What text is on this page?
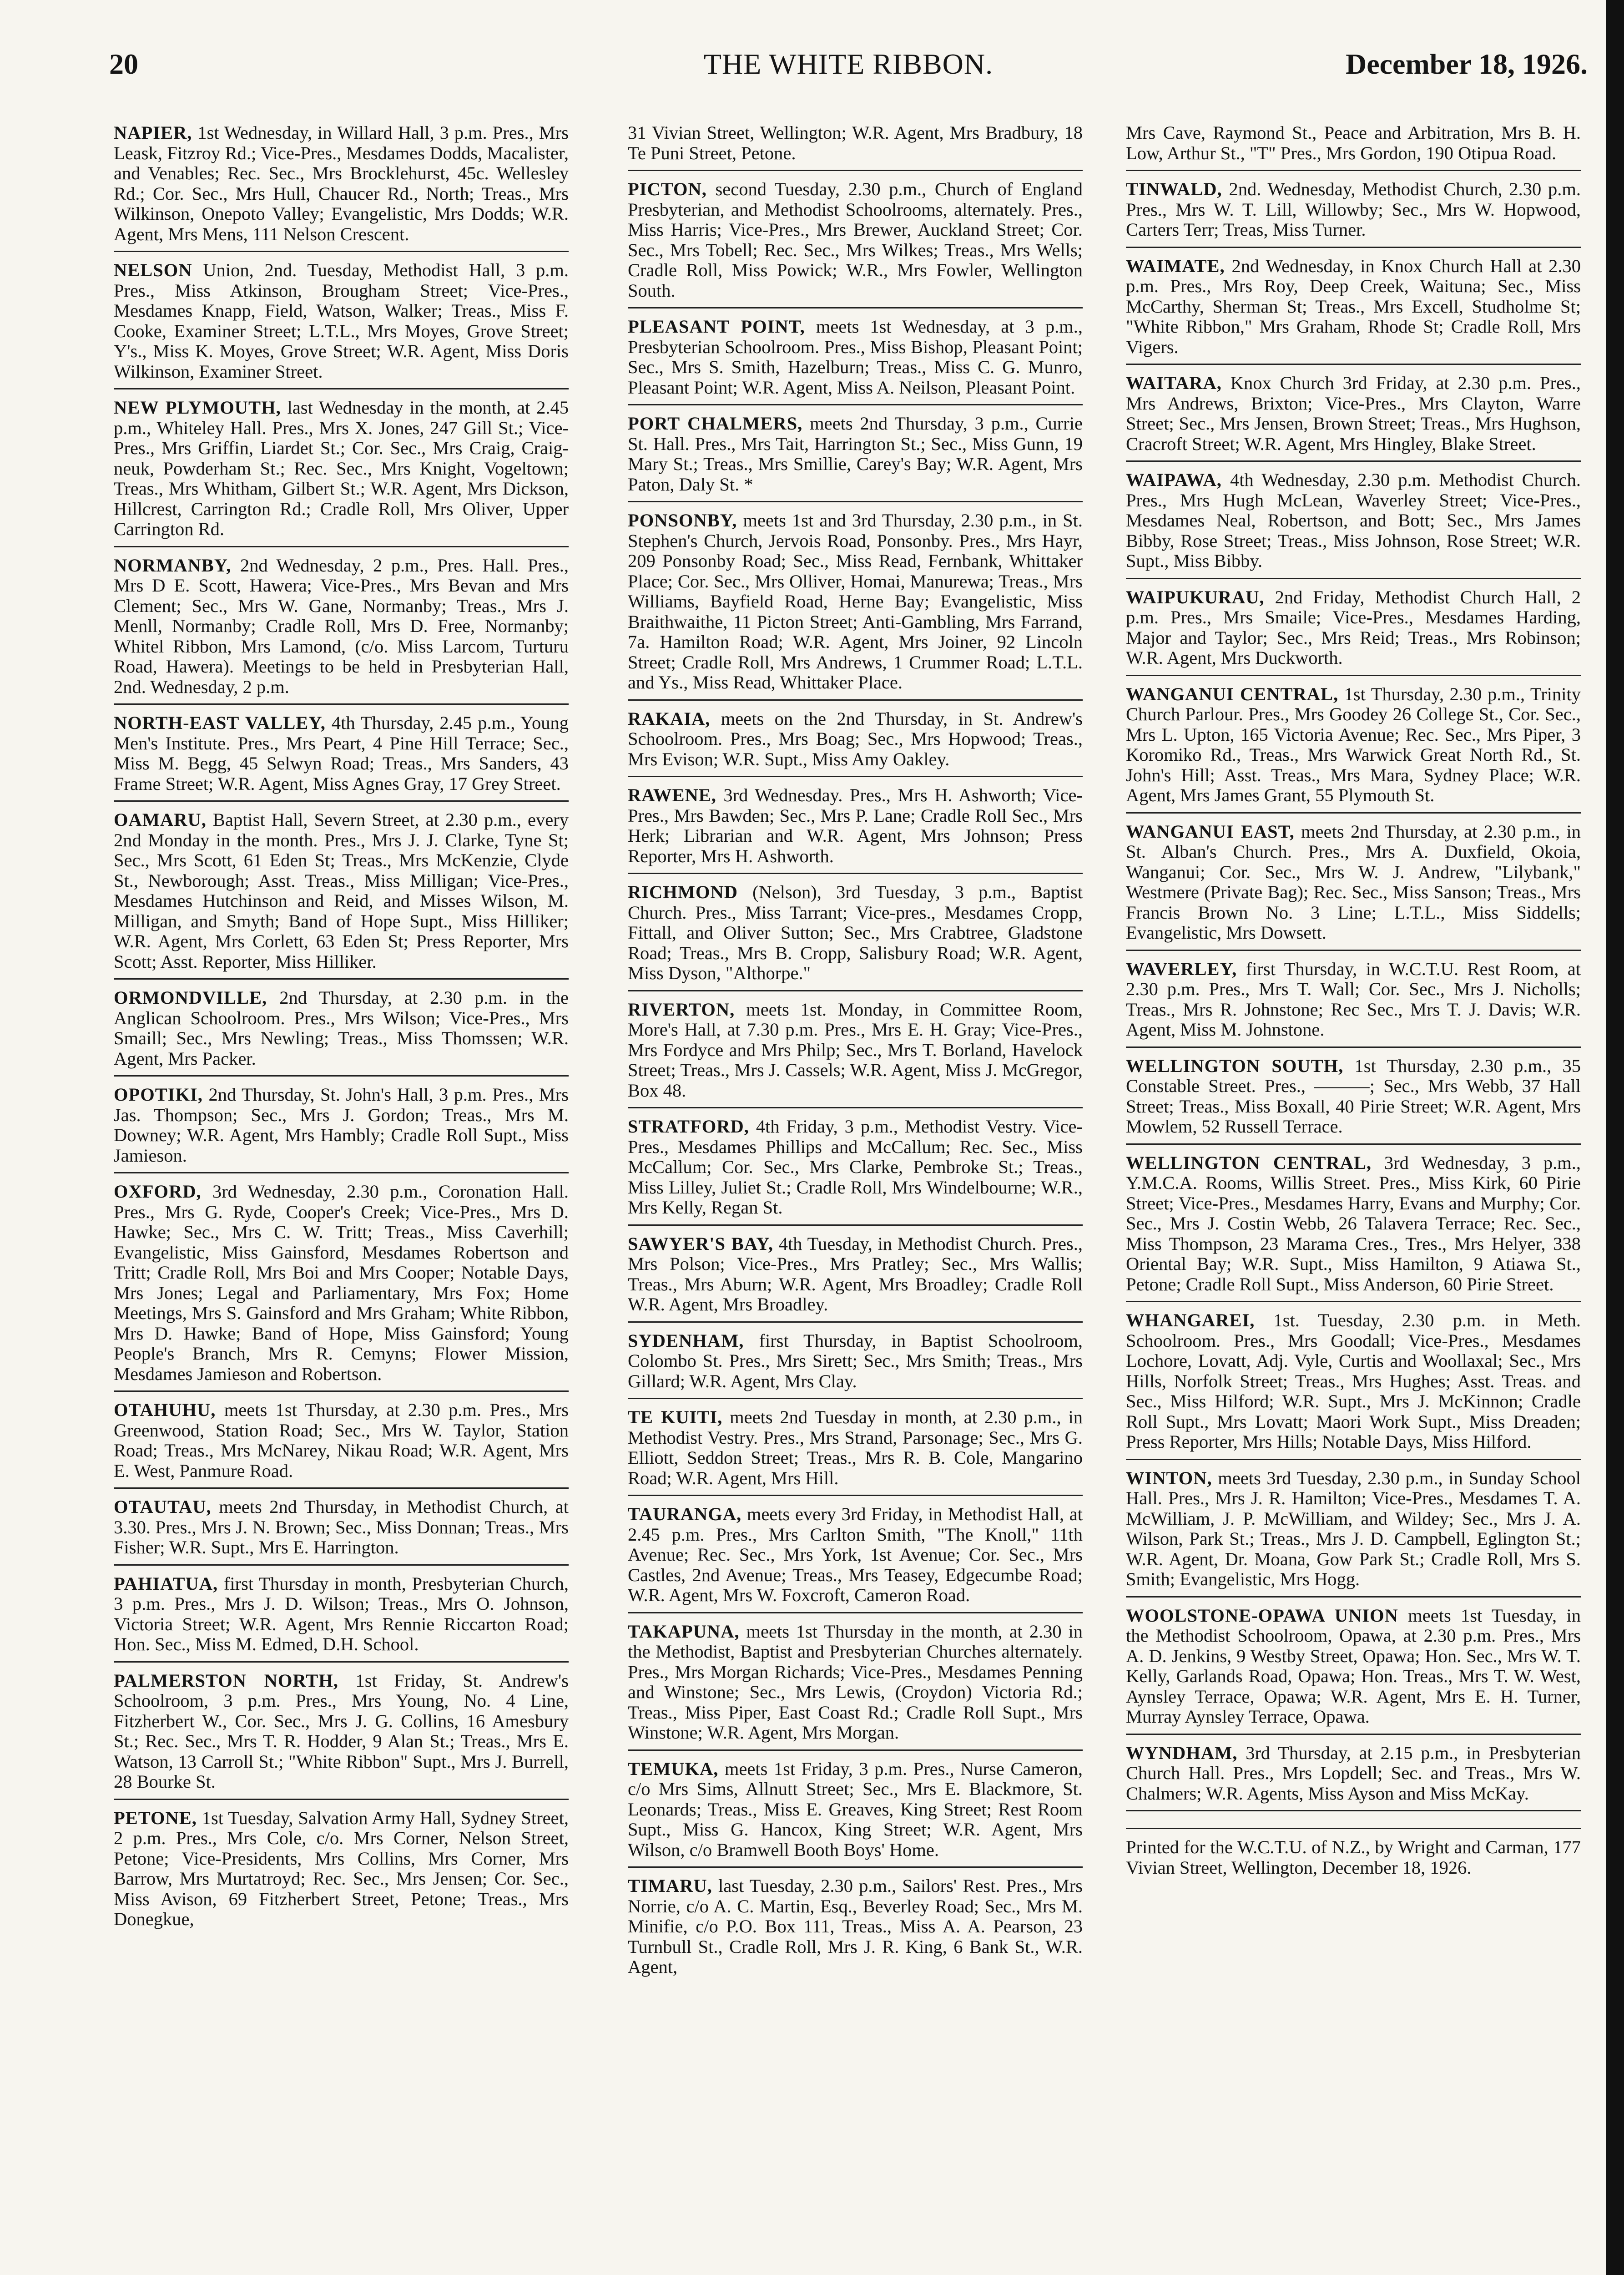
20	THE WHITE RIBBON.	December 18, 1926.

NAPIER, 1st Wednesday, in Willard Hall, 3 p.m. Pres., Mrs Leask, Fitzroy Rd.; Vice-Pres., Mesdames Dodds, Macalister, and Venables; Rec. Sec., Mrs Brocklehurst, 45c. Wellesley Rd.; Cor. Sec., Mrs Hull, Chaucer Rd., North; Treas., Mrs Wilkinson, Onepoto Valley; Evangelistic, Mrs Dodds; W.R. Agent, Mrs Mens, 111 Nelson Crescent.

NELSON Union, 2nd. Tuesday, Methodist Hall, 3 p.m. Pres., Miss Atkinson, Brougham Street; Vice-Pres., Mesdames Knapp, Field, Watson, Walker; Treas., Miss F. Cooke, Examiner Street; L.T.L., Mrs Moyes, Grove Street; Y's., Miss K. Moyes, Grove Street; W.R. Agent, Miss Doris Wilkinson, Examiner Street.

NEW PLYMOUTH, last Wednesday in the month, at 2.45 p.m., Whiteley Hall. Pres., Mrs X. Jones, 247 Gill St.; Vice-Pres., Mrs Griffin, Liardet St.; Cor. Sec., Mrs Craig, Craig-neuk, Powderham St.; Rec. Sec., Mrs Knight, Vogeltown; Treas., Mrs Whitham, Gilbert St.; W.R. Agent, Mrs Dickson, Hillcrest, Carrington Rd.; Cradle Roll, Mrs Oliver, Upper Carrington Rd.

NORMANBY, 2nd Wednesday, 2 p.m., Pres. Hall. Pres., Mrs D E. Scott, Hawera; Vice-Pres., Mrs Bevan and Mrs Clement; Sec., Mrs W. Gane, Normanby; Treas., Mrs J. Menll, Normanby; Cradle Roll, Mrs D. Free, Normanby; Whitel Ribbon, Mrs Lamond, (c/o. Miss Larcom, Turturu Road, Hawera). Meetings to be held in Presbyterian Hall, 2nd. Wednesday, 2 p.m.

NORTH-EAST VALLEY, 4th Thursday, 2.45 p.m., Young Men's Institute. Pres., Mrs Peart, 4 Pine Hill Terrace; Sec., Miss M. Begg, 45 Selwyn Road; Treas., Mrs Sanders, 43 Frame Street; W.R. Agent, Miss Agnes Gray, 17 Grey Street.

OAMARU, Baptist Hall, Severn Street, at 2.30 p.m., every 2nd Monday in the month. Pres., Mrs J. J. Clarke, Tyne St; Sec., Mrs Scott, 61 Eden St; Treas., Mrs McKenzie, Clyde St., Newborough; Asst. Treas., Miss Milligan; Vice-Pres., Mesdames Hutchinson and Reid, and Misses Wilson, M. Milligan, and Smyth; Band of Hope Supt., Miss Hilliker; W.R. Agent, Mrs Corlett, 63 Eden St; Press Reporter, Mrs Scott; Asst. Reporter, Miss Hilliker.

ORMONDVILLE, 2nd Thursday, at 2.30 p.m. in the Anglican Schoolroom. Pres., Mrs Wilson; Vice-Pres., Mrs Smaill; Sec., Mrs Newling; Treas., Miss Thomssen; W.R. Agent, Mrs Packer.

OPOTIKI, 2nd Thursday, St. John's Hall, 3 p.m. Pres., Mrs Jas. Thompson; Sec., Mrs J. Gordon; Treas., Mrs M. Downey; W.R. Agent, Mrs Hambly; Cradle Roll Supt., Miss Jamieson.

OXFORD, 3rd Wednesday, 2.30 p.m., Coronation Hall. Pres., Mrs G. Ryde, Cooper's Creek; Vice-Pres., Mrs D. Hawke; Sec., Mrs C. W. Tritt; Treas., Miss Caverhill; Evangelistic, Miss Gainsford, Mesdames Robertson and Tritt; Cradle Roll, Mrs Boi and Mrs Cooper; Notable Days, Mrs Jones; Legal and Parliamentary, Mrs Fox; Home Meetings, Mrs S. Gainsford and Mrs Graham; White Ribbon, Mrs D. Hawke; Band of Hope, Miss Gainsford; Young People's Branch, Mrs R. Cemyns; Flower Mission, Mesdames Jamieson and Robertson.

OTAHUHU, meets 1st Thursday, at 2.30 p.m. Pres., Mrs Greenwood, Station Road; Sec., Mrs W. Taylor, Station Road; Treas., Mrs McNarey, Nikau Road; W.R. Agent, Mrs E. West, Panmure Road.

OTAUTAU, meets 2nd Thursday, in Methodist Church, at 3.30. Pres., Mrs J. N. Brown; Sec., Miss Donnan; Treas., Mrs Fisher; W.R. Supt., Mrs E. Harrington.

PAHIATUA, first Thursday in month, Presbyterian Church, 3 p.m. Pres., Mrs J. D. Wilson; Treas., Mrs O. Johnson, Victoria Street; W.R. Agent, Mrs Rennie Riccarton Road; Hon. Sec., Miss M. Edmed, D.H. School.

PALMERSTON NORTH, 1st Friday, St. Andrew's Schoolroom, 3 p.m. Pres., Mrs Young, No. 4 Line, Fitzherbert W., Cor. Sec., Mrs J. G. Collins, 16 Amesbury St.; Rec. Sec., Mrs T. R. Hodder, 9 Alan St.; Treas., Mrs E. Watson, 13 Carroll St.; "White Ribbon" Supt., Mrs J. Burrell, 28 Bourke St.

PETONE, 1st Tuesday, Salvation Army Hall, Sydney Street, 2 p.m. Pres., Mrs Cole, c/o. Mrs Corner, Nelson Street, Petone; Vice-Presidents, Mrs Collins, Mrs Corner, Mrs Barrow, Mrs Murtatroyd; Rec. Sec., Mrs Jensen; Cor. Sec., Miss Avison, 69 Fitzherbert Street, Petone; Treas., Mrs Donegkue,

31 Vivian Street, Wellington; W.R. Agent, Mrs Bradbury, 18 Te Puni Street, Petone.

PICTON, second Tuesday, 2.30 p.m., Church of England Presbyterian, and Methodist Schoolrooms, alternately. Pres., Miss Harris; Vice-Pres., Mrs Brewer, Auckland Street; Cor. Sec., Mrs Tobell; Rec. Sec., Mrs Wilkes; Treas., Mrs Wells; Cradle Roll, Miss Powick; W.R., Mrs Fowler, Wellington South.

PLEASANT POINT, meets 1st Wednesday, at 3 p.m., Presbyterian Schoolroom. Pres., Miss Bishop, Pleasant Point; Sec., Mrs S. Smith, Hazelburn; Treas., Miss C. G. Munro, Pleasant Point; W.R. Agent, Miss A. Neilson, Pleasant Point.

PORT CHALMERS, meets 2nd Thursday, 3 p.m., Currie St. Hall. Pres., Mrs Tait, Harrington St.; Sec., Miss Gunn, 19 Mary St.; Treas., Mrs Smillie, Carey's Bay; W.R. Agent, Mrs Paton, Daly St. *

PONSONBY, meets 1st and 3rd Thursday, 2.30 p.m., in St. Stephen's Church, Jervois Road, Ponsonby. Pres., Mrs Hayr, 209 Ponsonby Road; Sec., Miss Read, Fernbank, Whittaker Place; Cor. Sec., Mrs Olliver, Homai, Manurewa; Treas., Mrs Williams, Bayfield Road, Herne Bay; Evangelistic, Miss Braithwaithe, 11 Picton Street; Anti-Gambling, Mrs Farrand, 7a. Hamilton Road; W.R. Agent, Mrs Joiner, 92 Lincoln Street; Cradle Roll, Mrs Andrews, 1 Crummer Road; L.T.L. and Ys., Miss Read, Whittaker Place.

RAKAIA, meets on the 2nd Thursday, in St. Andrew's Schoolroom. Pres., Mrs Boag; Sec., Mrs Hopwood; Treas., Mrs Evison; W.R. Supt., Miss Amy Oakley.

RAWENE, 3rd Wednesday. Pres., Mrs H. Ashworth; Vice-Pres., Mrs Bawden; Sec., Mrs P. Lane; Cradle Roll Sec., Mrs Herk; Librarian and W.R. Agent, Mrs Johnson; Press Reporter, Mrs H. Ashworth.

RICHMOND (Nelson), 3rd Tuesday, 3 p.m., Baptist Church. Pres., Miss Tarrant; Vice-pres., Mesdames Cropp, Fittall, and Oliver Sutton; Sec., Mrs Crabtree, Gladstone Road; Treas., Mrs B. Cropp, Salisbury Road; W.R. Agent, Miss Dyson, "Althorpe."

RIVERTON, meets 1st. Monday, in Committee Room, More's Hall, at 7.30 p.m. Pres., Mrs E. H. Gray; Vice-Pres., Mrs Fordyce and Mrs Philp; Sec., Mrs T. Borland, Havelock Street; Treas., Mrs J. Cassels; W.R. Agent, Miss J. McGregor, Box 48.

STRATFORD, 4th Friday, 3 p.m., Methodist Vestry. Vice-Pres., Mesdames Phillips and McCallum; Rec. Sec., Miss McCallum; Cor. Sec., Mrs Clarke, Pembroke St.; Treas., Miss Lilley, Juliet St.; Cradle Roll, Mrs Windelbourne; W.R., Mrs Kelly, Regan St.

SAWYER'S BAY, 4th Tuesday, in Methodist Church. Pres., Mrs Polson; Vice-Pres., Mrs Pratley; Sec., Mrs Wallis; Treas., Mrs Aburn; W.R. Agent, Mrs Broadley; Cradle Roll W.R. Agent, Mrs Broadley.

SYDENHAM, first Thursday, in Baptist Schoolroom, Colombo St. Pres., Mrs Sirett; Sec., Mrs Smith; Treas., Mrs Gillard; W.R. Agent, Mrs Clay.

TE KUITI, meets 2nd Tuesday in month, at 2.30 p.m., in Methodist Vestry. Pres., Mrs Strand, Parsonage; Sec., Mrs G. Elliott, Seddon Street; Treas., Mrs R. B. Cole, Mangarino Road; W.R. Agent, Mrs Hill.

TAURANGA, meets every 3rd Friday, in Methodist Hall, at 2.45 p.m. Pres., Mrs Carlton Smith, "The Knoll," 11th Avenue; Rec. Sec., Mrs York, 1st Avenue; Cor. Sec., Mrs Castles, 2nd Avenue; Treas., Mrs Teasey, Edgecumbe Road; W.R. Agent, Mrs W. Foxcroft, Cameron Road.

TAKAPUNA, meets 1st Thursday in the month, at 2.30 in the Methodist, Baptist and Presbyterian Churches alternately. Pres., Mrs Morgan Richards; Vice-Pres., Mesdames Penning and Winstone; Sec., Mrs Lewis, (Croydon) Victoria Rd.; Treas., Miss Piper, East Coast Rd.; Cradle Roll Supt., Mrs Winstone; W.R. Agent, Mrs Morgan.

TEMUKA, meets 1st Friday, 3 p.m. Pres., Nurse Cameron, c/o Mrs Sims, Allnutt Street; Sec., Mrs E. Blackmore, St. Leonards; Treas., Miss E. Greaves, King Street; Rest Room Supt., Miss G. Hancox, King Street; W.R. Agent, Mrs Wilson, c/o Bramwell Booth Boys' Home.

TIMARU, last Tuesday, 2.30 p.m., Sailors' Rest. Pres., Mrs Norrie, c/o A. C. Martin, Esq., Beverley Road; Sec., Mrs M. Minifie, c/o P.O. Box 111, Treas., Miss A. A. Pearson, 23 Turnbull St., Cradle Roll, Mrs J. R. King, 6 Bank St., W.R. Agent,

Mrs Cave, Raymond St., Peace and Arbitration, Mrs B. H. Low, Arthur St., "T" Pres., Mrs Gordon, 190 Otipua Road.

TINWALD, 2nd. Wednesday, Methodist Church, 2.30 p.m. Pres., Mrs W. T. Lill, Willowby; Sec., Mrs W. Hopwood, Carters Terr; Treas, Miss Turner.

WAIMATE, 2nd Wednesday, in Knox Church Hall at 2.30 p.m. Pres., Mrs Roy, Deep Creek, Waituna; Sec., Miss McCarthy, Sherman St; Treas., Mrs Excell, Studholme St; "White Ribbon," Mrs Graham, Rhode St; Cradle Roll, Mrs Vigers.

WAITARA, Knox Church 3rd Friday, at 2.30 p.m. Pres., Mrs Andrews, Brixton; Vice-Pres., Mrs Clayton, Warre Street; Sec., Mrs Jensen, Brown Street; Treas., Mrs Hughson, Cracroft Street; W.R. Agent, Mrs Hingley, Blake Street.

WAIPAWA, 4th Wednesday, 2.30 p.m. Methodist Church. Pres., Mrs Hugh McLean, Waverley Street; Vice-Pres., Mesdames Neal, Robertson, and Bott; Sec., Mrs James Bibby, Rose Street; Treas., Miss Johnson, Rose Street; W.R. Supt., Miss Bibby.

WAIPUKURAU, 2nd Friday, Methodist Church Hall, 2 p.m. Pres., Mrs Smaile; Vice-Pres., Mesdames Harding, Major and Taylor; Sec., Mrs Reid; Treas., Mrs Robinson; W.R. Agent, Mrs Duckworth.

WANGANUI CENTRAL, 1st Thursday, 2.30 p.m., Trinity Church Parlour. Pres., Mrs Goodey 26 College St., Cor. Sec., Mrs L. Upton, 165 Victoria Avenue; Rec. Sec., Mrs Piper, 3 Koromiko Rd., Treas., Mrs Warwick Great North Rd., St. John's Hill; Asst. Treas., Mrs Mara, Sydney Place; W.R. Agent, Mrs James Grant, 55 Plymouth St.

WANGANUI EAST, meets 2nd Thursday, at 2.30 p.m., in St. Alban's Church. Pres., Mrs A. Duxfield, Okoia, Wanganui; Cor. Sec., Mrs W. J. Andrew, "Lilybank," Westmere (Private Bag); Rec. Sec., Miss Sanson; Treas., Mrs Francis Brown No. 3 Line; L.T.L., Miss Siddells; Evangelistic, Mrs Dowsett.

WAVERLEY, first Thursday, in W.C.T.U. Rest Room, at 2.30 p.m. Pres., Mrs T. Wall; Cor. Sec., Mrs J. Nicholls; Treas., Mrs R. Johnstone; Rec Sec., Mrs T. J. Davis; W.R. Agent, Miss M. Johnstone.

WELLINGTON SOUTH, 1st Thursday, 2.30 p.m., 35 Constable Street. Pres., ———; Sec., Mrs Webb, 37 Hall Street; Treas., Miss Boxall, 40 Pirie Street; W.R. Agent, Mrs Mowlem, 52 Russell Terrace.

WELLINGTON CENTRAL, 3rd Wednesday, 3 p.m., Y.M.C.A. Rooms, Willis Street. Pres., Miss Kirk, 60 Pirie Street; Vice-Pres., Mesdames Harry, Evans and Murphy; Cor. Sec., Mrs J. Costin Webb, 26 Talavera Terrace; Rec. Sec., Miss Thompson, 23 Marama Cres., Tres., Mrs Helyer, 338 Oriental Bay; W.R. Supt., Miss Hamilton, 9 Atiawa St., Petone; Cradle Roll Supt., Miss Anderson, 60 Pirie Street.

WHANGAREI, 1st. Tuesday, 2.30 p.m. in Meth. Schoolroom. Pres., Mrs Goodall; Vice-Pres., Mesdames Lochore, Lovatt, Adj. Vyle, Curtis and Woollaxal; Sec., Mrs Hills, Norfolk Street; Treas., Mrs Hughes; Asst. Treas. and Sec., Miss Hilford; W.R. Supt., Mrs J. McKinnon; Cradle Roll Supt., Mrs Lovatt; Maori Work Supt., Miss Dreaden; Press Reporter, Mrs Hills; Notable Days, Miss Hilford.

WINTON, meets 3rd Tuesday, 2.30 p.m., in Sunday School Hall. Pres., Mrs J. R. Hamilton; Vice-Pres., Mesdames T. A. McWilliam, J. P. McWilliam, and Wildey; Sec., Mrs J. A. Wilson, Park St.; Treas., Mrs J. D. Campbell, Eglington St.; W.R. Agent, Dr. Moana, Gow Park St.; Cradle Roll, Mrs S. Smith; Evangelistic, Mrs Hogg.

WOOLSTONE-OPAWA UNION meets 1st Tuesday, in the Methodist Schoolroom, Opawa, at 2.30 p.m. Pres., Mrs A. D. Jenkins, 9 Westby Street, Opawa; Hon. Sec., Mrs W. T. Kelly, Garlands Road, Opawa; Hon. Treas., Mrs T. W. West, Aynsley Terrace, Opawa; W.R. Agent, Mrs E. H. Turner, Murray Aynsley Terrace, Opawa.

WYNDHAM, 3rd Thursday, at 2.15 p.m., in Presbyterian Church Hall. Pres., Mrs Lopdell; Sec. and Treas., Mrs W. Chalmers; W.R. Agents, Miss Ayson and Miss McKay.

Printed for the W.C.T.U. of N.Z., by Wright and Carman, 177 Vivian Street, Wellington, December 18, 1926.
